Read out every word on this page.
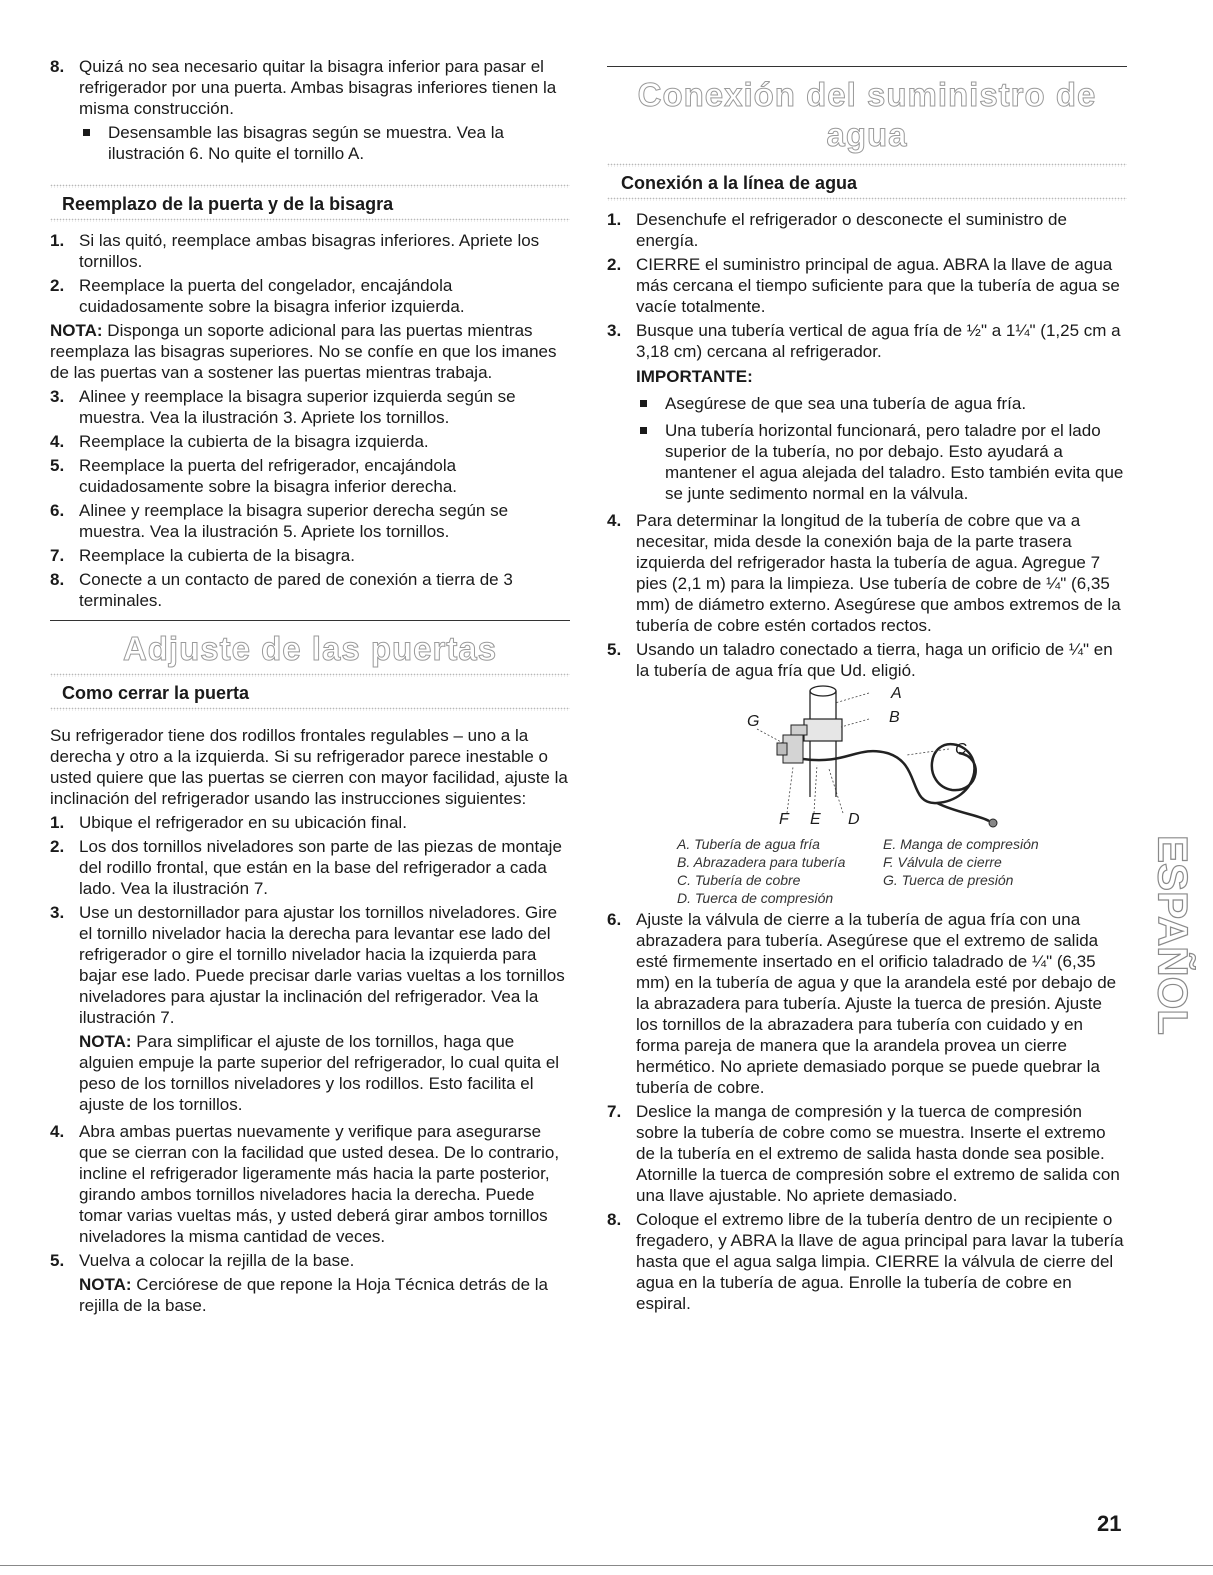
8. Quizá no sea necesario quitar la bisagra inferior para pasar el refrigerador por una puerta. Ambas bisagras inferiores tienen la misma construcción.
Desensamble las bisagras según se muestra. Vea la ilustración 6. No quite el tornillo A.
Reemplazo de la puerta y de la bisagra
1. Si las quitó, reemplace ambas bisagras inferiores. Apriete los tornillos.
2. Reemplace la puerta del congelador, encajándola cuidadosamente sobre la bisagra inferior izquierda.

NOTA: Disponga un soporte adicional para las puertas mientras reemplaza las bisagras superiores. No se confíe en que los imanes de las puertas van a sostener las puertas mientras trabaja.

3. Alinee y reemplace la bisagra superior izquierda según se muestra. Vea la ilustración 3. Apriete los tornillos.
4. Reemplace la cubierta de la bisagra izquierda.
5. Reemplace la puerta del refrigerador, encajándola cuidadosamente sobre la bisagra inferior derecha.
6. Alinee y reemplace la bisagra superior derecha según se muestra. Vea la ilustración 5. Apriete los tornillos.
7. Reemplace la cubierta de la bisagra.
8. Conecte a un contacto de pared de conexión a tierra de 3 terminales.
Adjuste de las puertas
Como cerrar la puerta

Su refrigerador tiene dos rodillos frontales regulables – uno a la derecha y otro a la izquierda. Si su refrigerador parece inestable o usted quiere que las puertas se cierren con mayor facilidad, ajuste la inclinación del refrigerador usando las instrucciones siguientes:

1. Ubique el refrigerador en su ubicación final.
2. Los dos tornillos niveladores son parte de las piezas de montaje del rodillo frontal, que están en la base del refrigerador a cada lado. Vea la ilustración 7.
3. Use un destornillador para ajustar los tornillos niveladores. Gire el tornillo nivelador hacia la derecha para levantar ese lado del refrigerador o gire el tornillo nivelador hacia la izquierda para bajar ese lado. Puede precisar darle varias vueltas a los tornillos niveladores para ajustar la inclinación del refrigerador. Vea la ilustración 7.

NOTA: Para simplificar el ajuste de los tornillos, haga que alguien empuje la parte superior del refrigerador, lo cual quita el peso de los tornillos niveladores y los rodillos. Esto facilita el ajuste de los tornillos.

4. Abra ambas puertas nuevamente y verifique para asegurarse que se cierran con la facilidad que usted desea. De lo contrario, incline el refrigerador ligeramente más hacia la parte posterior, girando ambos tornillos niveladores hacia la derecha. Puede tomar varias vueltas más, y usted deberá girar ambos tornillos niveladores la misma cantidad de veces.
5. Vuelva a colocar la rejilla de la base.

NOTA: Cerciórese de que repone la Hoja Técnica detrás de la rejilla de la base.

Conexión del suministro de agua
Conexión a la línea de agua
1. Desenchufe el refrigerador o desconecte el suministro de energía.
2. CIERRE el suministro principal de agua. ABRA la llave de agua más cercana el tiempo suficiente para que la tubería de agua se vacíe totalmente.
3. Busque una tubería vertical de agua fría de ½" a 1¼" (1,25 cm a 3,18 cm) cercana al refrigerador.
IMPORTANTE:
Asegúrese de que sea una tubería de agua fría.
Una tubería horizontal funcionará, pero taladre por el lado superior de la tubería, no por debajo. Esto ayudará a mantener el agua alejada del taladro. Esto también evita que se junte sedimento normal en la válvula.
4. Para determinar la longitud de la tubería de cobre que va a necesitar, mida desde la conexión baja de la parte trasera izquierda del refrigerador hasta la tubería de agua. Agregue 7 pies (2,1 m) para la limpieza. Use tubería de cobre de ¼" (6,35 mm) de diámetro externo. Asegúrese que ambos extremos de la tubería de cobre estén cortados rectos.
5. Usando un taladro conectado a tierra, haga un orificio de ¼" en la tubería de agua fría que Ud. eligió.
A
B
C
G
F E D
A. Tubería de agua fría
B. Abrazadera para tubería
C. Tubería de cobre
D. Tuerca de compresión
E. Manga de compresión
F. Válvula de cierre
G. Tuerca de presión
6. Ajuste la válvula de cierre a la tubería de agua fría con una abrazadera para tubería. Asegúrese que el extremo de salida esté firmemente insertado en el orificio taladrado de ¼" (6,35 mm) en la tubería de agua y que la arandela esté por debajo de la abrazadera para tubería. Ajuste la tuerca de presión. Ajuste los tornillos de la abrazadera para tubería con cuidado y en forma pareja de manera que la arandela provea un cierre hermético. No apriete demasiado porque se puede quebrar la tubería de cobre.
7. Deslice la manga de compresión y la tuerca de compresión sobre la tubería de cobre como se muestra. Inserte el extremo de la tubería en el extremo de salida hasta donde sea posible. Atornille la tuerca de compresión sobre el extremo de salida con una llave ajustable. No apriete demasiado.
8. Coloque el extremo libre de la tubería dentro de un recipiente o fregadero, y ABRA la llave de agua principal para lavar la tubería hasta que el agua salga limpia. CIERRE la válvula de cierre del agua en la tubería de agua. Enrolle la tubería de cobre en espiral.
ESPAÑOL
21
